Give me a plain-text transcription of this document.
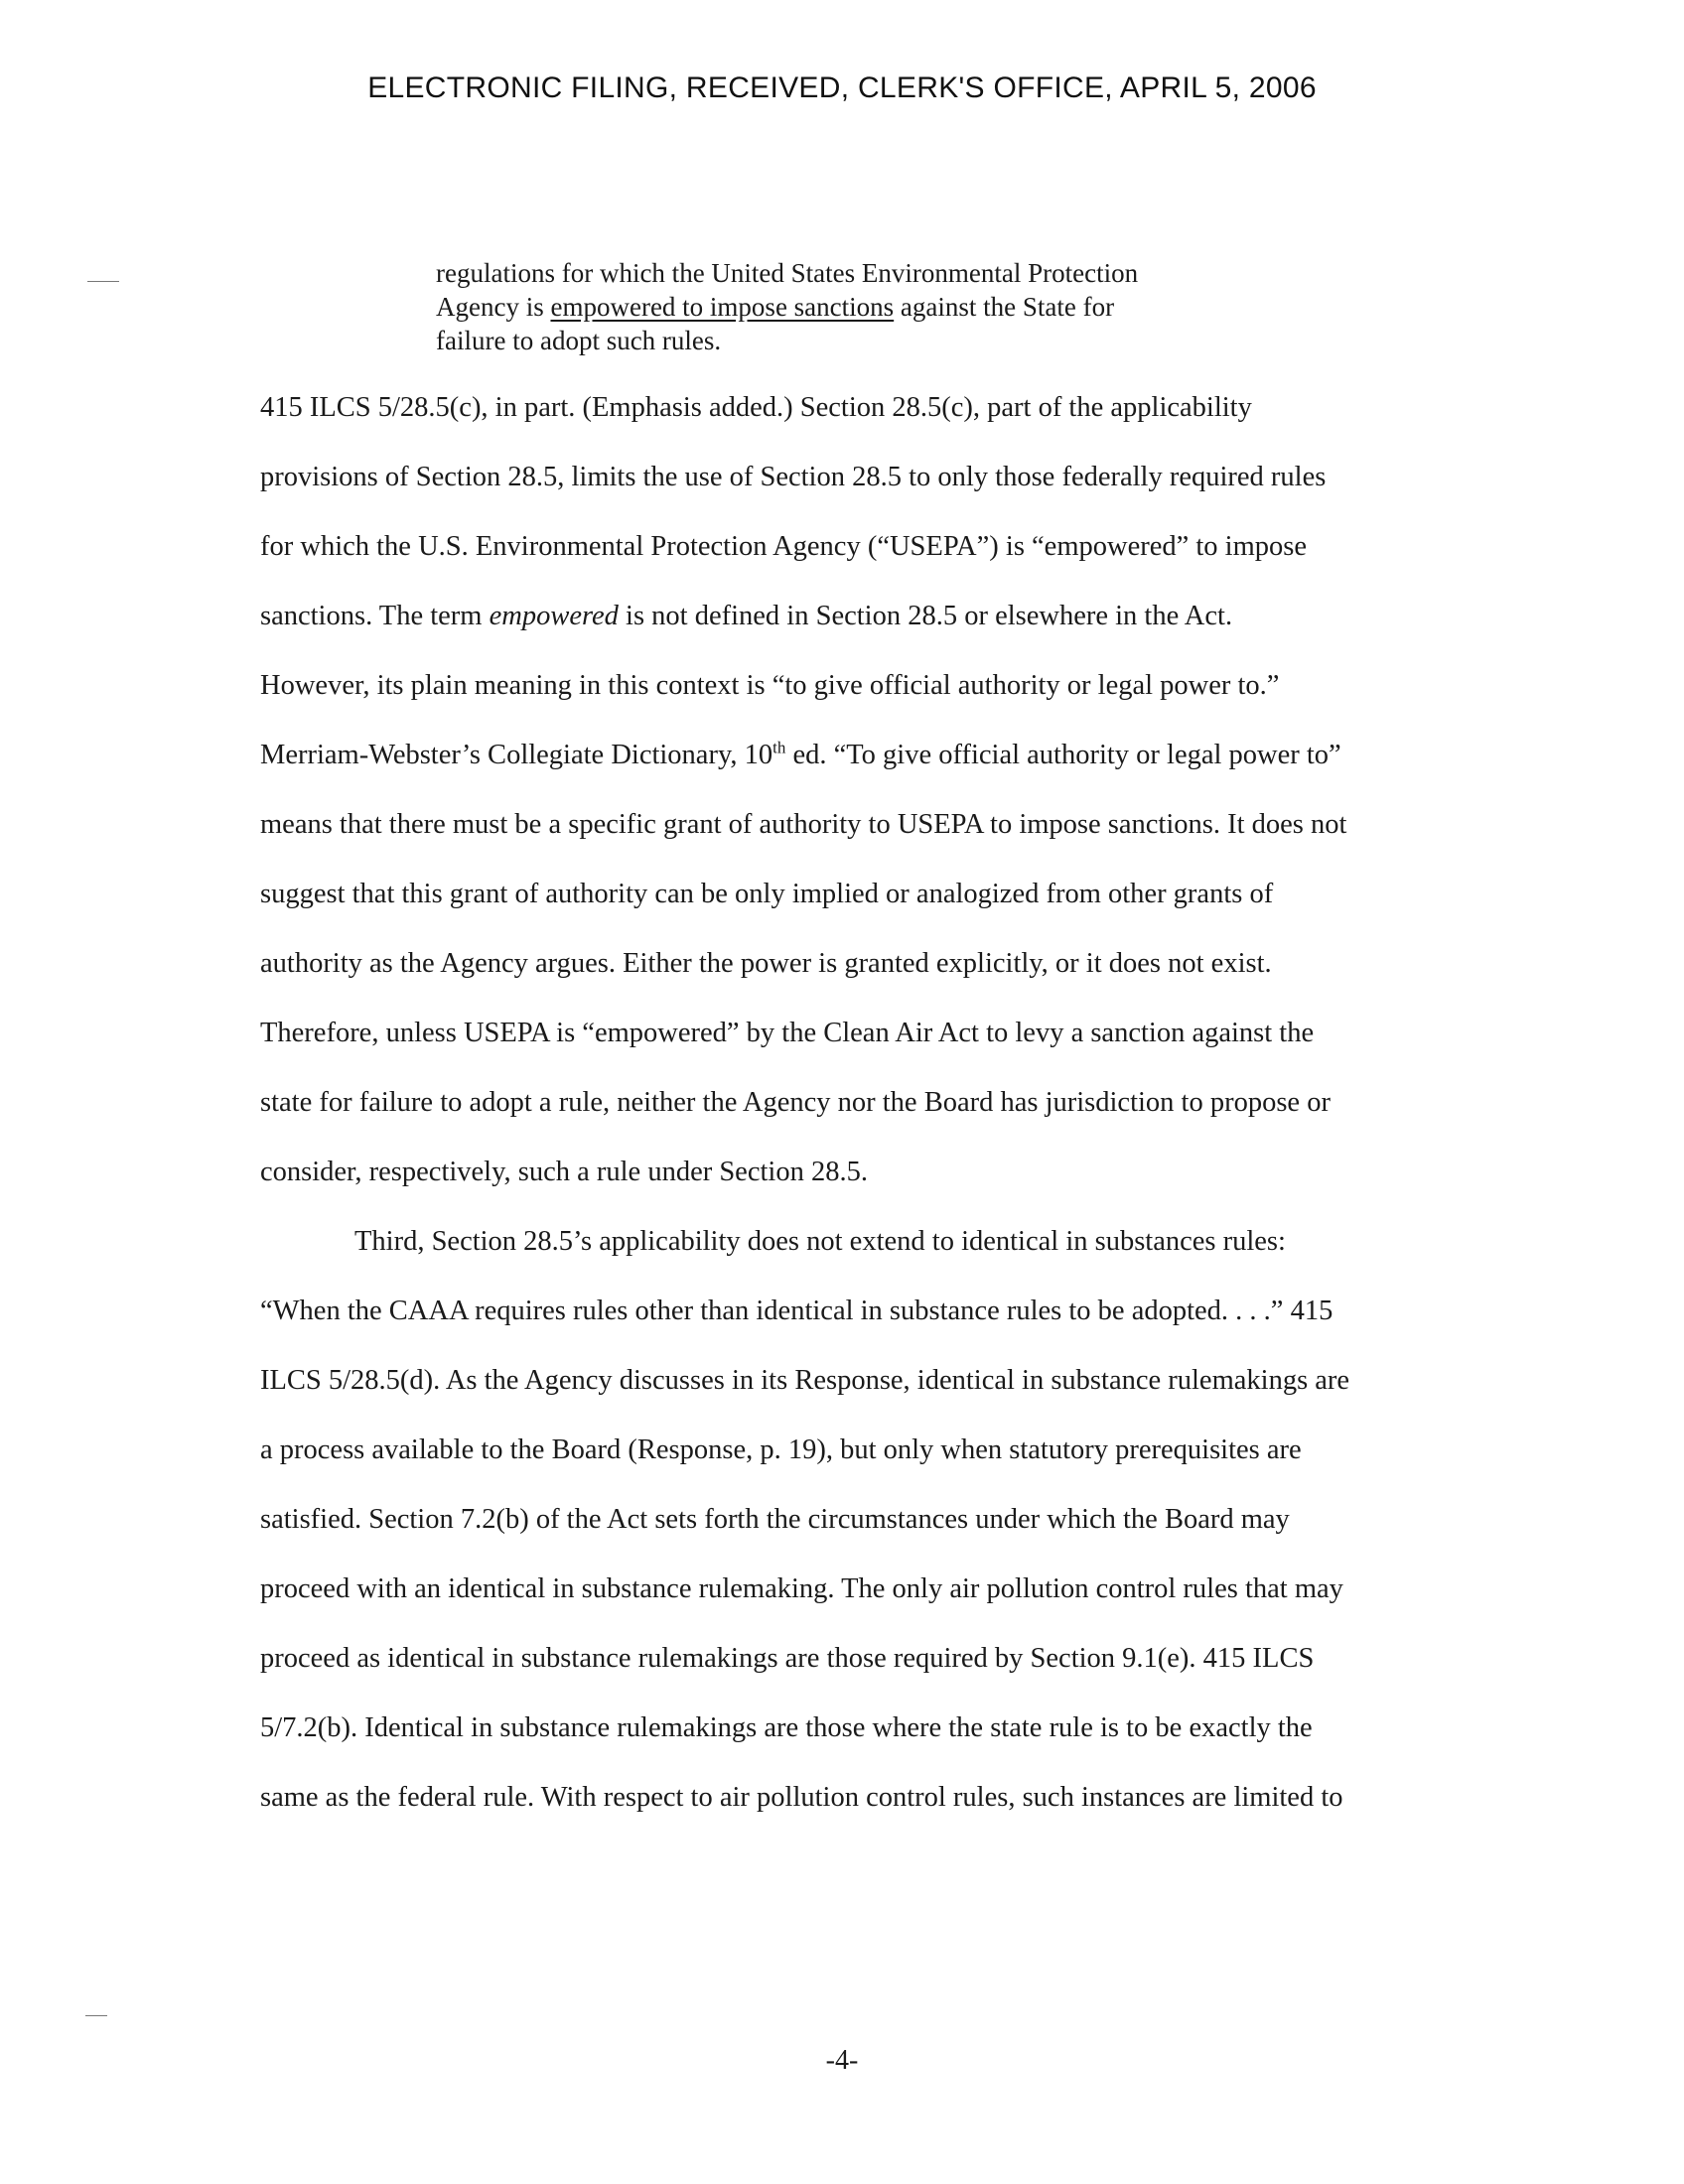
ELECTRONIC FILING, RECEIVED, CLERK'S OFFICE, APRIL 5, 2006
regulations for which the United States Environmental Protection
Agency is empowered to impose sanctions against the State for
failure to adopt such rules.
415 ILCS 5/28.5(c), in part. (Emphasis added.) Section 28.5(c), part of the applicability
provisions of Section 28.5, limits the use of Section 28.5 to only those federally required rules
for which the U.S. Environmental Protection Agency (“USEPA”) is “empowered” to impose
sanctions. The term empowered is not defined in Section 28.5 or elsewhere in the Act.
However, its plain meaning in this context is “to give official authority or legal power to.”
Merriam-Webster’s Collegiate Dictionary, 10th ed. “To give official authority or legal power to”
means that there must be a specific grant of authority to USEPA to impose sanctions. It does not
suggest that this grant of authority can be only implied or analogized from other grants of
authority as the Agency argues. Either the power is granted explicitly, or it does not exist.
Therefore, unless USEPA is “empowered” by the Clean Air Act to levy a sanction against the
state for failure to adopt a rule, neither the Agency nor the Board has jurisdiction to propose or
consider, respectively, such a rule under Section 28.5.
Third, Section 28.5’s applicability does not extend to identical in substances rules:
“When the CAAA requires rules other than identical in substance rules to be adopted. . . .” 415
ILCS 5/28.5(d). As the Agency discusses in its Response, identical in substance rulemakings are
a process available to the Board (Response, p. 19), but only when statutory prerequisites are
satisfied. Section 7.2(b) of the Act sets forth the circumstances under which the Board may
proceed with an identical in substance rulemaking. The only air pollution control rules that may
proceed as identical in substance rulemakings are those required by Section 9.1(e). 415 ILCS
5/7.2(b). Identical in substance rulemakings are those where the state rule is to be exactly the
same as the federal rule. With respect to air pollution control rules, such instances are limited to
-4-
